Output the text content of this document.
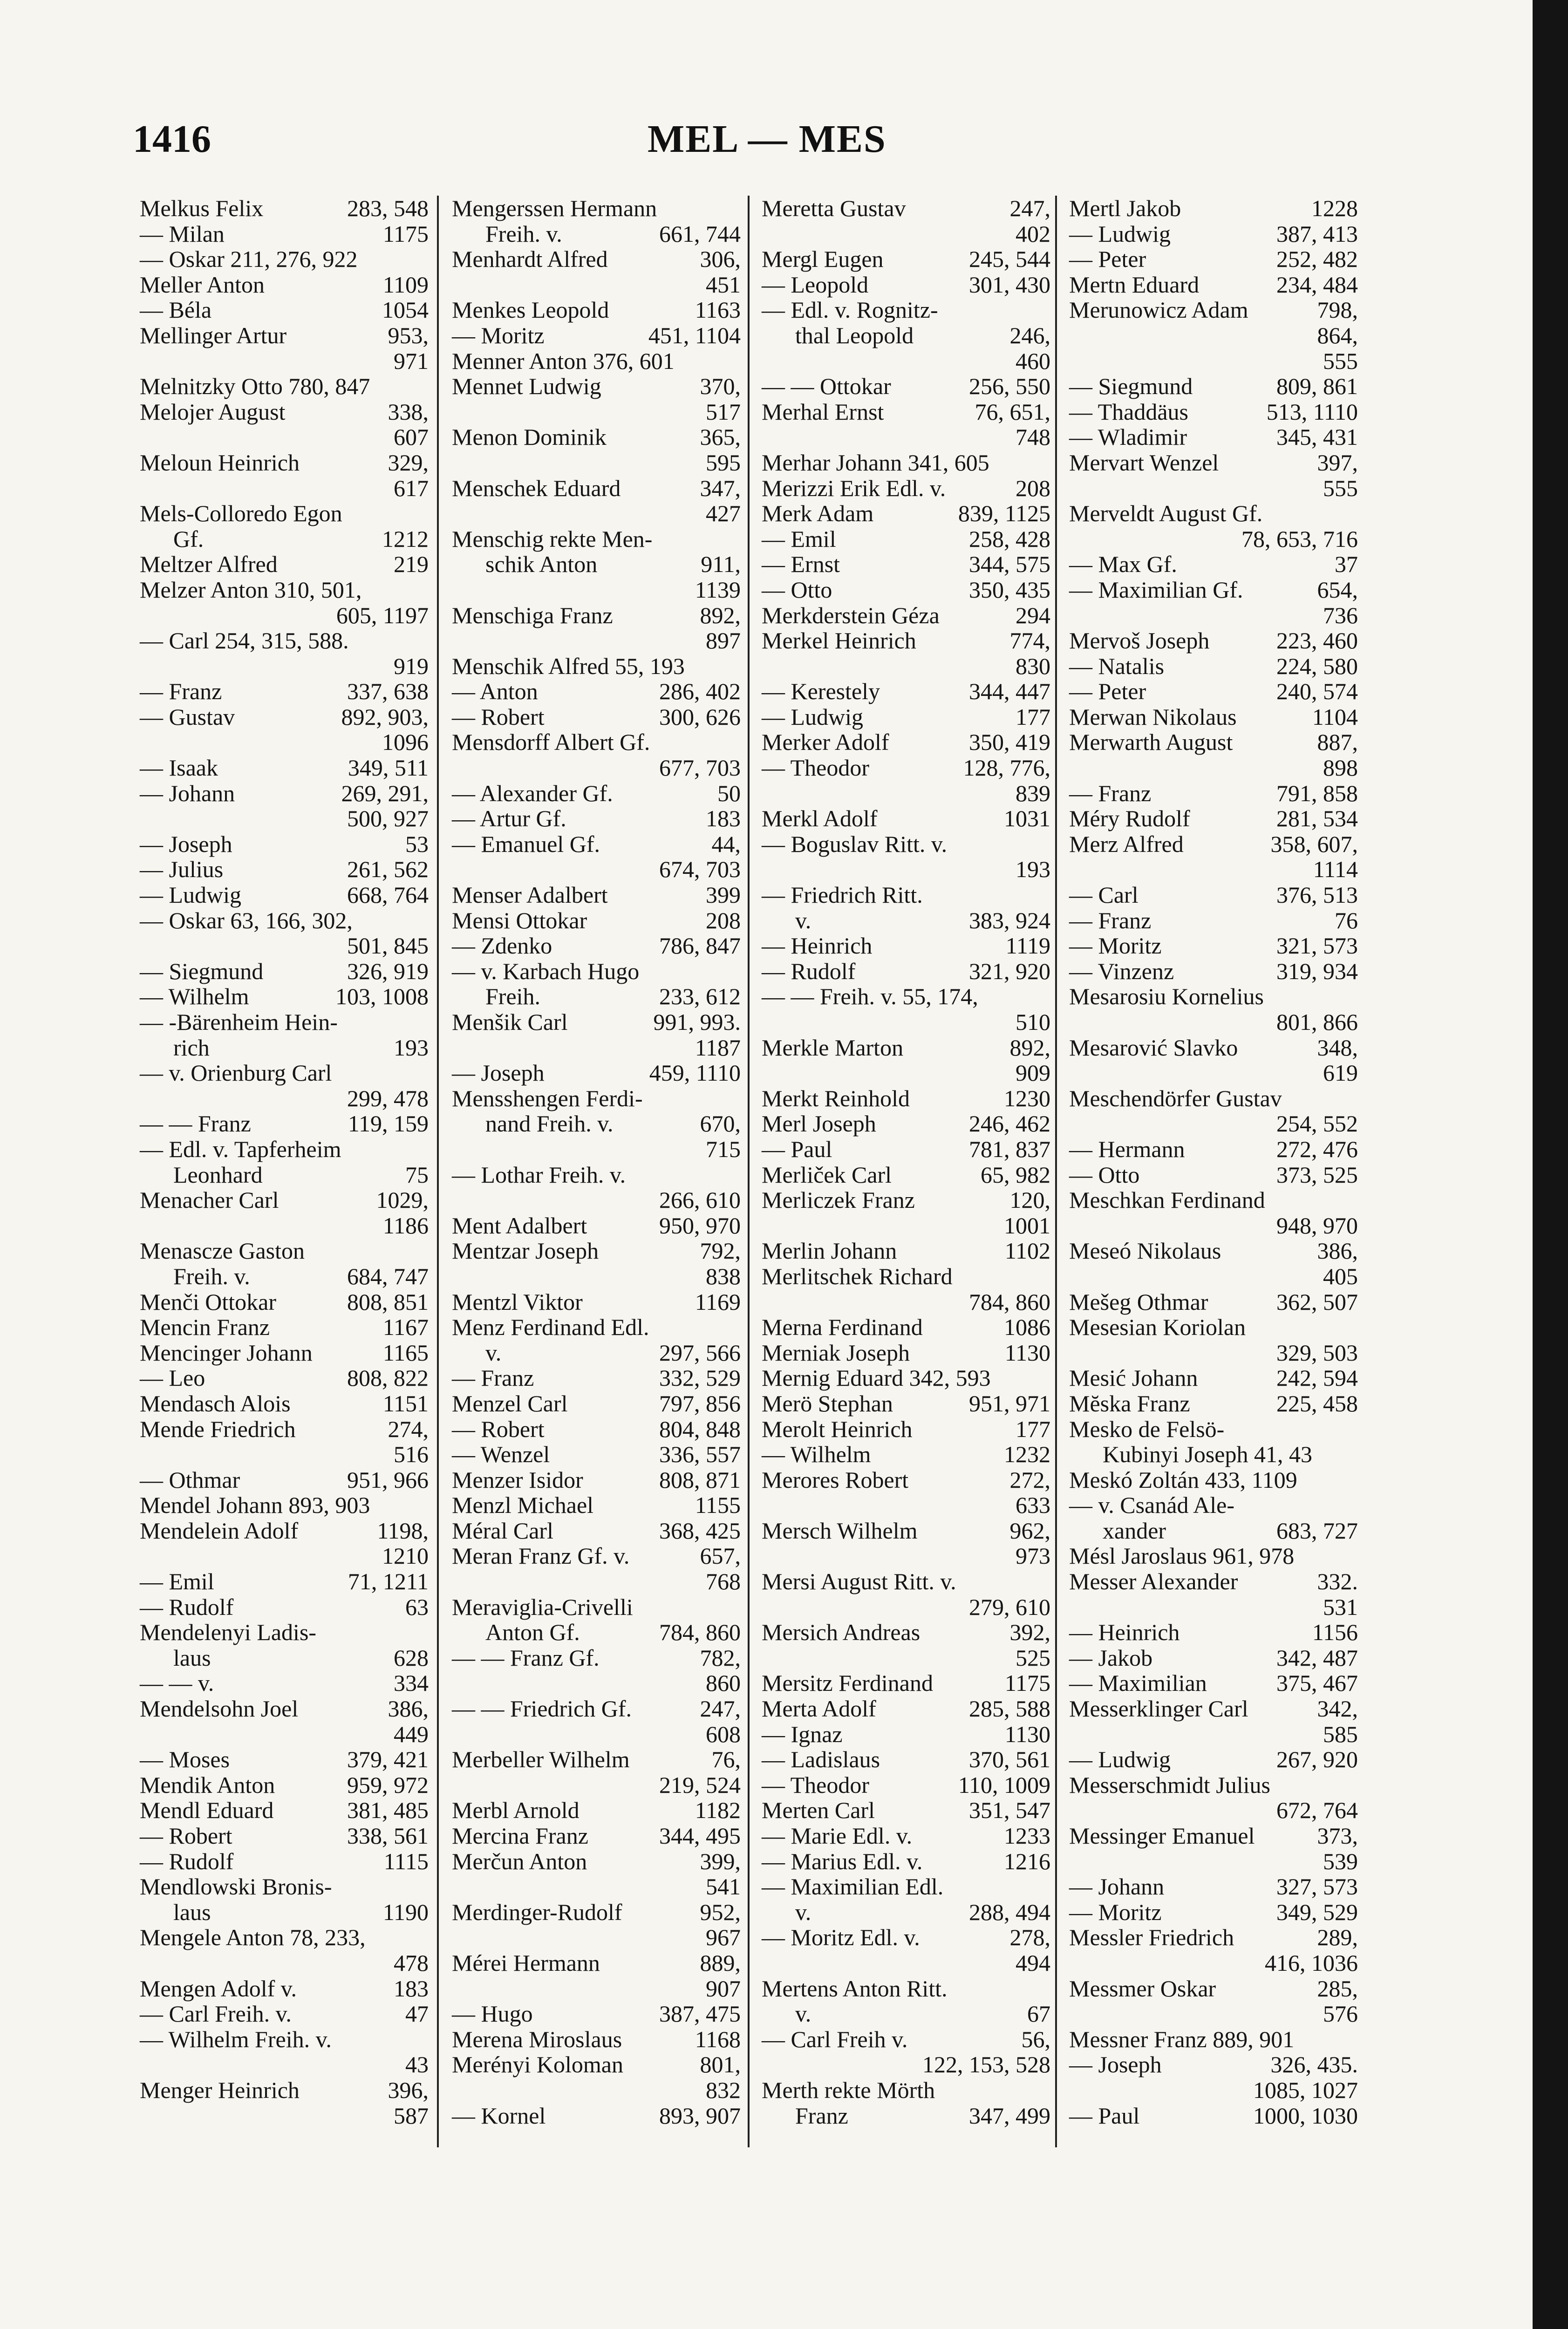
1416	MEL — MES
Melkus Felix	283, 548
— Milan	1175
— Oskar 211, 276, 922
Meller Anton	1109
— Béla	1054
Mellinger Artur	953,
971
Melnitzky Otto 780, 847
Melojer August	338,
607
Meloun Heinrich	329,
617
Mels-Colloredo Egon
Gf.	1212
Meltzer Alfred	219
Melzer Anton 310, 501,
605, 1197
— Carl 254, 315, 588.
919
— Franz	337, 638
— Gustav	892, 903,
1096
— Isaak	349, 511
— Johann	269, 291,
500, 927
— Joseph	53
— Julius	261, 562
— Ludwig	668, 764
— Oskar 63, 166, 302,
501, 845
— Siegmund	326, 919
— Wilhelm	103, 1008
— -Bärenheim Hein-
rich	193
— v. Orienburg Carl
299, 478
— — Franz	119, 159
— Edl. v. Tapferheim
Leonhard	75
Menacher Carl	1029,
1186
Menascze Gaston
Freih. v.	684, 747
Menči Ottokar	808, 851
Mencin Franz	1167
Mencinger Johann	1165
— Leo	808, 822
Mendasch Alois	1151
Mende Friedrich	274,
516
— Othmar	951, 966
Mendel Johann 893, 903
Mendelein Adolf	1198,
1210
— Emil	71, 1211
— Rudolf	63
Mendelenyi Ladis-
laus	628
— — v.	334
Mendelsohn Joel	386,
449
— Moses	379, 421
Mendik Anton	959, 972
Mendl Eduard	381, 485
— Robert	338, 561
— Rudolf	1115
Mendlowski Bronis-
laus	1190
Mengele Anton 78, 233,
478
Mengen Adolf v.	183
— Carl Freih. v.	47
— Wilhelm Freih. v.
43
Menger Heinrich	396,
587
Mengerssen Hermann
Freih. v.	661, 744
Menhardt Alfred	306,
451
Menkes Leopold	1163
— Moritz	451, 1104
Menner Anton 376, 601
Mennet Ludwig	370,
517
Menon Dominik	365,
595
Menschek Eduard	347,
427
Menschig rekte Men-
schik Anton	911,
1139
Menschiga Franz	892,
897
Menschik Alfred 55, 193
— Anton	286, 402
— Robert	300, 626
Mensdorff Albert Gf.
677, 703
— Alexander Gf.	50
— Artur Gf.	183
— Emanuel Gf.	44,
674, 703
Menser Adalbert	399
Mensi Ottokar	208
— Zdenko	786, 847
— v. Karbach Hugo
Freih.	233, 612
Menšik Carl	991, 993.
1187
— Joseph	459, 1110
Mensshengen Ferdi-
nand Freih. v.	670,
715
— Lothar Freih. v.
266, 610
Ment Adalbert	950, 970
Mentzar Joseph	792,
838
Mentzl Viktor	1169
Menz Ferdinand Edl.
v.	297, 566
— Franz	332, 529
Menzel Carl	797, 856
— Robert	804, 848
— Wenzel	336, 557
Menzer Isidor	808, 871
Menzl Michael	1155
Méral Carl	368, 425
Meran Franz Gf. v.	657,
768
Meraviglia-Crivelli
Anton Gf.	784, 860
— — Franz Gf.	782,
860
— — Friedrich Gf.	247,
608
Merbeller Wilhelm	76,
219, 524
Merbl Arnold	1182
Mercina Franz	344, 495
Merčun Anton	399,
541
Merdinger-Rudolf	952,
967
Mérei Hermann	889,
907
— Hugo	387, 475
Merena Miroslaus	1168
Merényi Koloman	801,
832
— Kornel	893, 907
Meretta Gustav	247,
402
Mergl Eugen	245, 544
— Leopold	301, 430
— Edl. v. Rognitz-
thal Leopold	246,
460
— — Ottokar	256, 550
Merhal Ernst	76, 651,
748
Merhar Johann 341, 605
Merizzi Erik Edl. v.	208
Merk Adam	839, 1125
— Emil	258, 428
— Ernst	344, 575
— Otto	350, 435
Merkderstein Géza	294
Merkel Heinrich	774,
830
— Kerestely	344, 447
— Ludwig	177
Merker Adolf	350, 419
— Theodor	128, 776,
839
Merkl Adolf	1031
— Boguslav Ritt. v.
193
— Friedrich Ritt.
v.	383, 924
— Heinrich	1119
— Rudolf	321, 920
— — Freih. v. 55, 174,
510
Merkle Marton	892,
909
Merkt Reinhold	1230
Merl Joseph	246, 462
— Paul	781, 837
Merliček Carl	65, 982
Merliczek Franz	120,
1001
Merlin Johann	1102
Merlitschek Richard
784, 860
Merna Ferdinand	1086
Merniak Joseph	1130
Mernig Eduard 342, 593
Merö Stephan	951, 971
Merolt Heinrich	177
— Wilhelm	1232
Merores Robert	272,
633
Mersch Wilhelm	962,
973
Mersi August Ritt. v.
279, 610
Mersich Andreas	392,
525
Mersitz Ferdinand	1175
Merta Adolf	285, 588
— Ignaz	1130
— Ladislaus	370, 561
— Theodor	110, 1009
Merten Carl	351, 547
— Marie Edl. v.	1233
— Marius Edl. v.	1216
— Maximilian Edl.
v.	288, 494
— Moritz Edl. v.	278,
494
Mertens Anton Ritt.
v.	67
— Carl Freih v.	56,
122, 153, 528
Merth rekte Mörth
Franz	347, 499
Mertl Jakob	1228
— Ludwig	387, 413
— Peter	252, 482
Mertn Eduard	234, 484
Merunowicz Adam	798,
864,
555
— Siegmund	809, 861
— Thaddäus	513, 1110
— Wladimir	345, 431
Mervart Wenzel	397,
555
Merveldt August Gf.
78, 653, 716
— Max Gf.	37
— Maximilian Gf.	654,
736
Mervoš Joseph	223, 460
— Natalis	224, 580
— Peter	240, 574
Merwan Nikolaus	1104
Merwarth August	887,
898
— Franz	791, 858
Méry Rudolf	281, 534
Merz Alfred	358, 607,
1114
— Carl	376, 513
— Franz	76
— Moritz	321, 573
— Vinzenz	319, 934
Mesarosiu Kornelius
801, 866
Mesarović Slavko	348,
619
Meschendörfer Gustav
254, 552
— Hermann	272, 476
— Otto	373, 525
Meschkan Ferdinand
948, 970
Meseó Nikolaus	386,
405
Mešeg Othmar	362, 507
Mesesian Koriolan
329, 503
Mesić Johann	242, 594
Mĕska Franz	225, 458
Mesko de Felsö-
Kubinyi Joseph 41, 43
Meskó Zoltán 433, 1109
— v. Csanád Ale-
xander	683, 727
Mésl Jaroslaus 961, 978
Messer Alexander	332.
531
— Heinrich	1156
— Jakob	342, 487
— Maximilian	375, 467
Messerklinger Carl	342,
585
— Ludwig	267, 920
Messerschmidt Julius
672, 764
Messinger Emanuel	373,
539
— Johann	327, 573
— Moritz	349, 529
Messler Friedrich	289,
416, 1036
Messmer Oskar	285,
576
Messner Franz 889, 901
— Joseph	326, 435.
1085, 1027
— Paul	1000, 1030
